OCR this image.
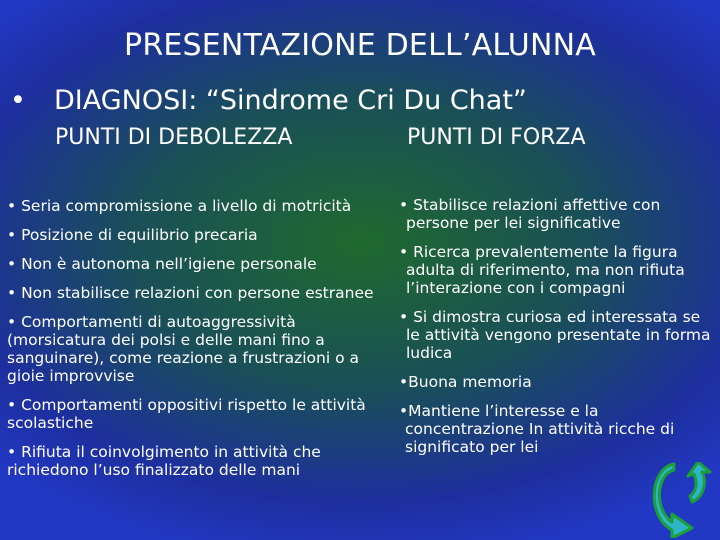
PRESENTAZIONE DELL’ALUNNA
• DIAGNOSI: “Sindrome Cri Du Chat”
PUNTI DI DEBOLEZZA	PUNTI DI FORZA

• Seria compromissione a livello di motricità

• Posizione di equilibrio precaria

• Non è autonoma nell’igiene personale

• Non stabilisce relazioni con persone estranee

• Comportamenti di autoaggressività (morsicatura dei polsi e delle mani fino a sanguinare), come reazione a frustrazioni o a gioie improvvise

• Comportamenti oppositivi rispetto le attività scolastiche

• Rifiuta il coinvolgimento in attività che richiedono l’uso finalizzato delle mani

• Stabilisce relazioni affettive con persone per lei significative

• Ricerca prevalentemente la figura adulta di riferimento, ma non rifiuta l’interazione con i compagni

• Si dimostra curiosa ed interessata se le attività vengono presentate in forma ludica

•Buona memoria

•Mantiene l’interesse e la concentrazione In attività ricche di significato per lei
